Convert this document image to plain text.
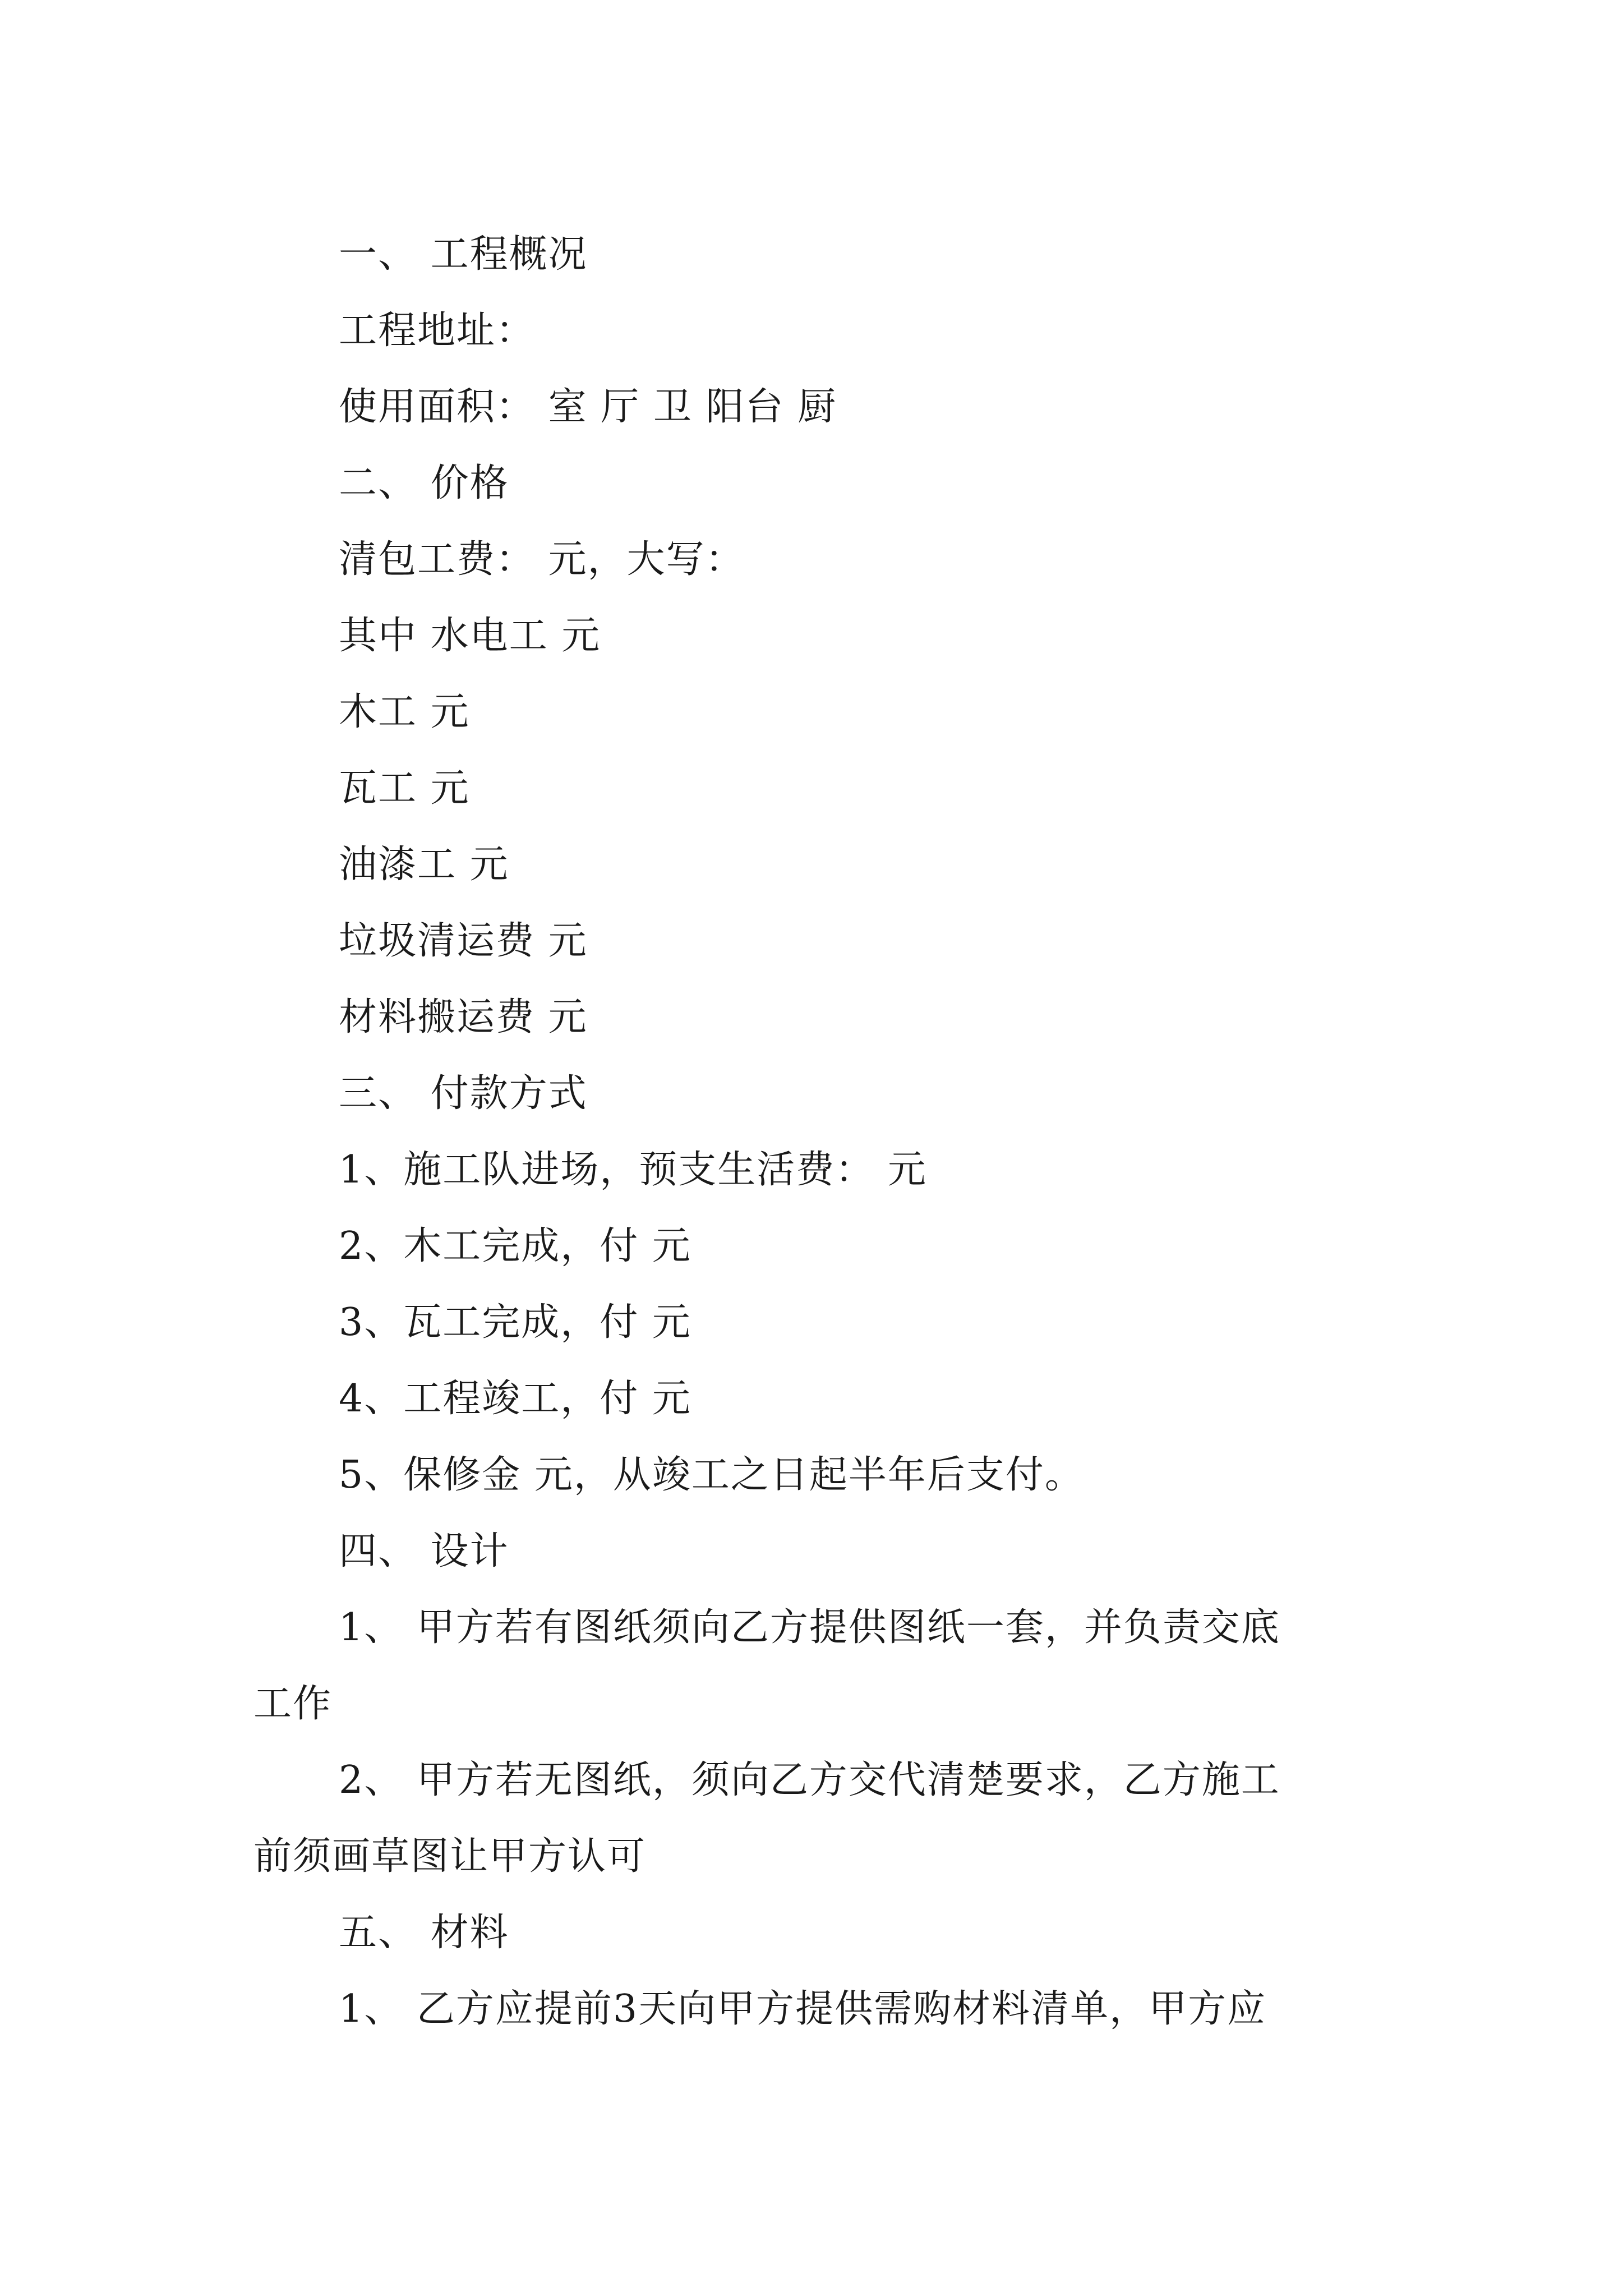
一、 工程概况
工程地址：
使用面积： 室 厅 卫 阳台 厨
二、 价格
清包工费： 元，大写：
其中 水电工 元
木工 元
瓦工 元
油漆工 元
垃圾清运费 元
材料搬运费 元
三、 付款方式
1、施工队进场，预支生活费： 元
2、木工完成，付 元
3、瓦工完成，付 元
4、工程竣工，付 元
5、保修金 元，从竣工之日起半年后支付。
四、 设计
1、 甲方若有图纸须向乙方提供图纸一套，并负责交底
工作
2、 甲方若无图纸，须向乙方交代清楚要求，乙方施工
前须画草图让甲方认可
五、 材料
1、 乙方应提前3天向甲方提供需购材料清单，甲方应
